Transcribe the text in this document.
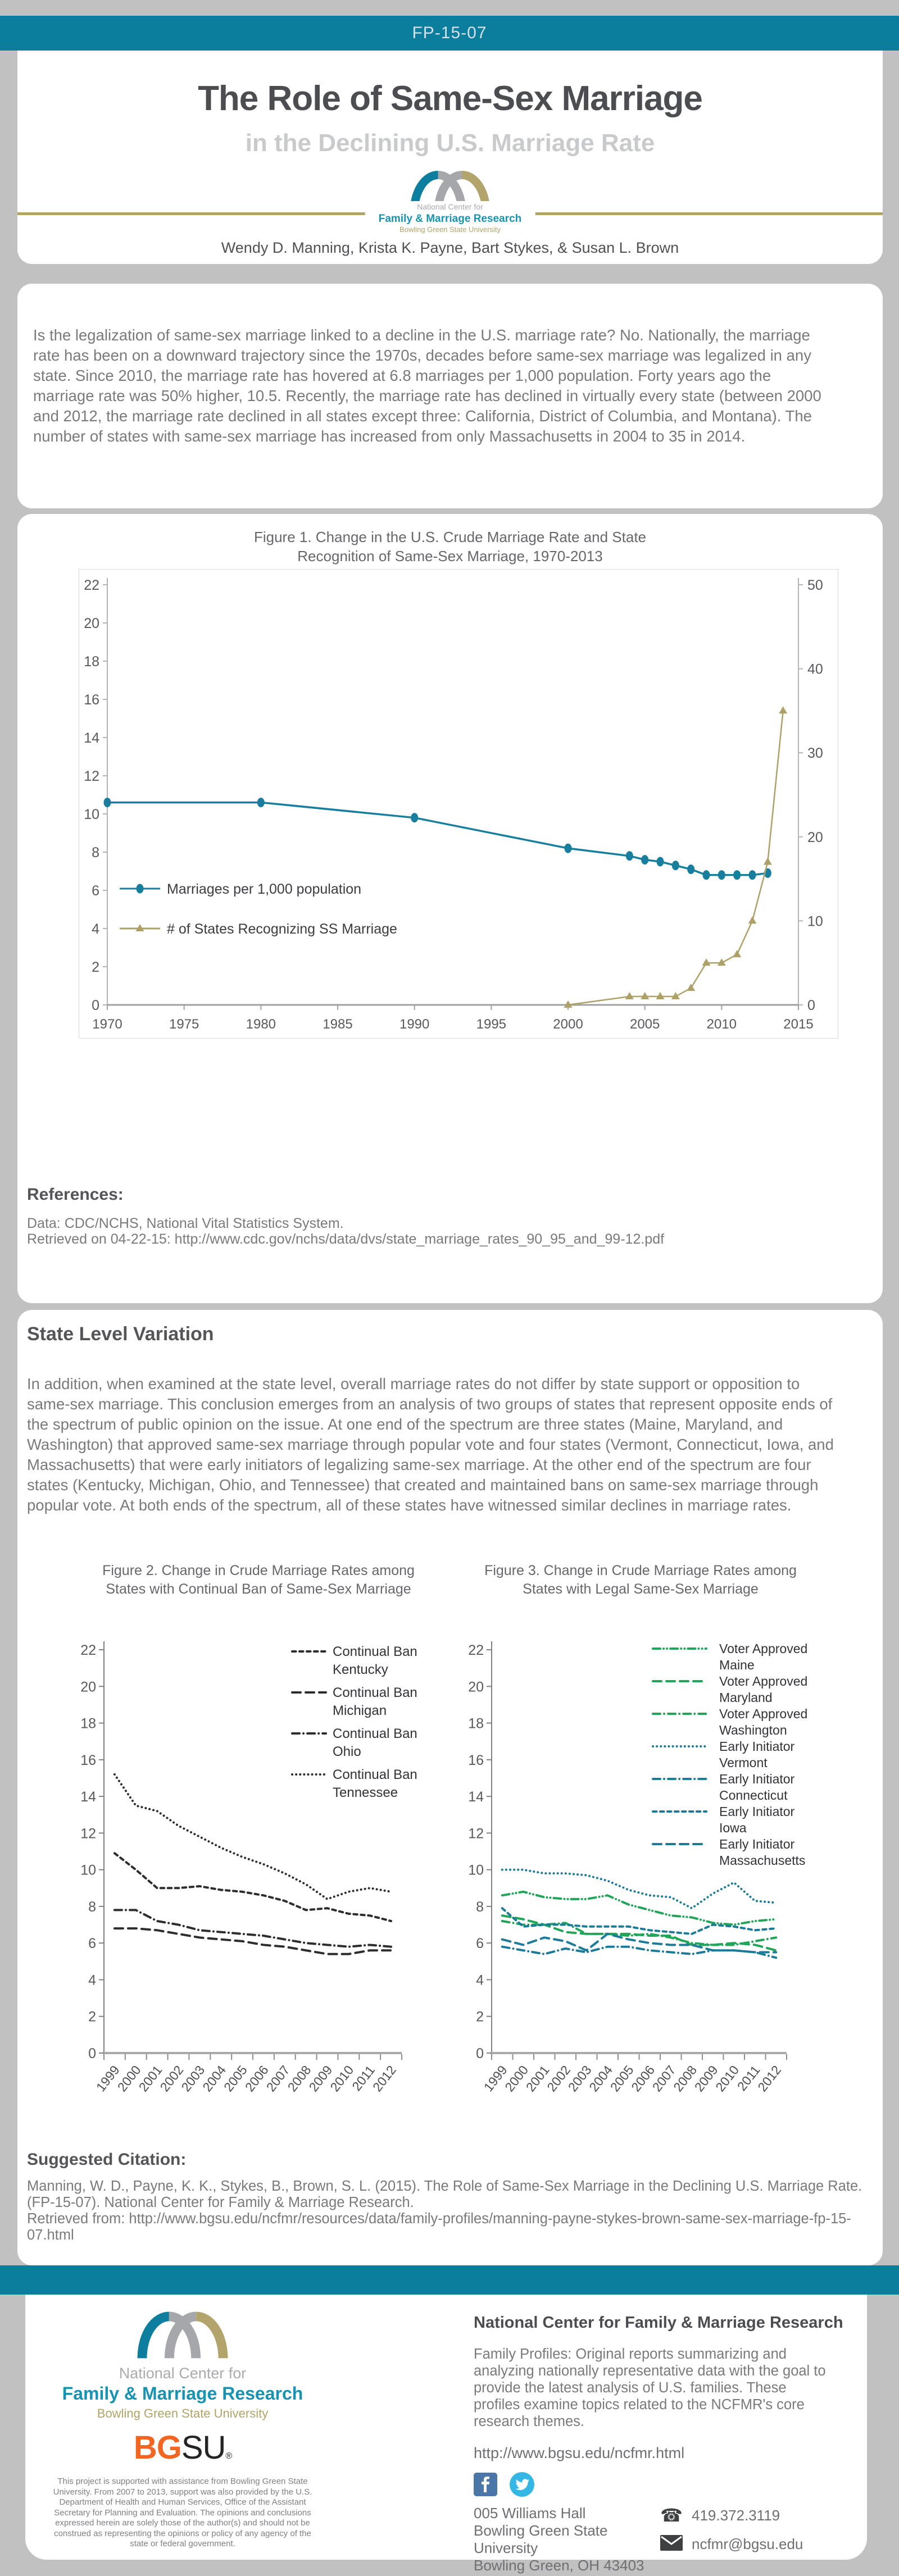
FP-15-07
The Role of Same-Sex Marriage
in the Declining U.S. Marriage Rate
National Center for
Family & Marriage Research
Bowling Green State University
Wendy D. Manning, Krista K. Payne, Bart Stykes, & Susan L. Brown

Is the legalization of same-sex marriage linked to a decline in the U.S. marriage rate? No. Nationally, the marriage rate has been on a downward trajectory since the 1970s, decades before same-sex marriage was legalized in any state. Since 2010, the marriage rate has hovered at 6.8 marriages per 1,000 population. Forty years ago the marriage rate was 50% higher, 10.5. Recently, the marriage rate has declined in virtually every state (between 2000 and 2012, the marriage rate declined in all states except three: California, District of Columbia, and Montana). The number of states with same-sex marriage has increased from only Massachusetts in 2004 to 35 in 2014.

Figure 1. Change in the U.S. Crude Marriage Rate and State
Recognition of Same-Sex Marriage, 1970-2013
0
2
4
6
8
10
12
14
16
18
20
22
0
10
20
30
40
50
1970	1975	1980	1985	1990	1995	2000	2005	2010	2015
Marriages per 1,000 population
# of States Recognizing SS Marriage
References:

Data: CDC/NCHS, National Vital Statistics System.
Retrieved on 04-22-15: http://www.cdc.gov/nchs/data/dvs/state_marriage_rates_90_95_and_99-12.pdf

State Level Variation

In addition, when examined at the state level, overall marriage rates do not differ by state support or opposition to same-sex marriage. This conclusion emerges from an analysis of two groups of states that represent opposite ends of the spectrum of public opinion on the issue. At one end of the spectrum are three states (Maine, Maryland, and Washington) that approved same-sex marriage through popular vote and four states (Vermont, Connecticut, Iowa, and Massachusetts) that were early initiators of legalizing same-sex marriage. At the other end of the spectrum are four states (Kentucky, Michigan, Ohio, and Tennessee) that created and maintained bans on same-sex marriage through popular vote. At both ends of the spectrum, all of these states have witnessed similar declines in marriage rates.

Figure 2. Change in Crude Marriage Rates among
States with Continual Ban of Same-Sex Marriage
Figure 3. Change in Crude Marriage Rates among
States with Legal Same-Sex Marriage
0
2
4
6
8
10
12
14
16
18
20
22
1999
2000
2001
2002
2003
2004
2005
2006
2007
2008
2009
2010
2011
2012
Continual Ban
Kentucky
Continual Ban
Michigan
Continual Ban
Ohio
Continual Ban
Tennessee
0
2
4
6
8
10
12
14
16
18
20
22
1999
2000
2001
2002
2003
2004
2005
2006
2007
2008
2009
2010
2011
2012
Voter Approved
Maine
Voter Approved
Maryland
Voter Approved
Washington
Early Initiator
Vermont
Early Initiator
Connecticut
Early Initiator
Iowa
Early Initiator
Massachusetts
Suggested Citation:

Manning, W. D., Payne, K. K., Stykes, B., Brown, S. L. (2015). The Role of Same-Sex Marriage in the Declining U.S. Marriage Rate. (FP-15-07). National Center for Family & Marriage Research.
Retrieved from: http://www.bgsu.edu/ncfmr/resources/data/family-profiles/manning-payne-stykes-brown-same-sex-marriage-fp-15-07.html

National Center for
Family & Marriage Research
Bowling Green State University
BGSU®

This project is supported with assistance from Bowling Green State University. From 2007 to 2013, support was also provided by the U.S. Department of Health and Human Services, Office of the Assistant Secretary for Planning and Evaluation. The opinions and conclusions expressed herein are solely those of the author(s) and should not be construed as representing the opinions or policy of any agency of the state or federal government.

National Center for Family & Marriage Research

Family Profiles: Original reports summarizing and analyzing nationally representative data with the goal to provide the latest analysis of U.S. families. These profiles examine topics related to the NCFMR's core research themes.

http://www.bgsu.edu/ncfmr.html
005 Williams Hall
Bowling Green State University
Bowling Green, OH 43403
☎ 419.372.3119
ncfmr@bgsu.edu
